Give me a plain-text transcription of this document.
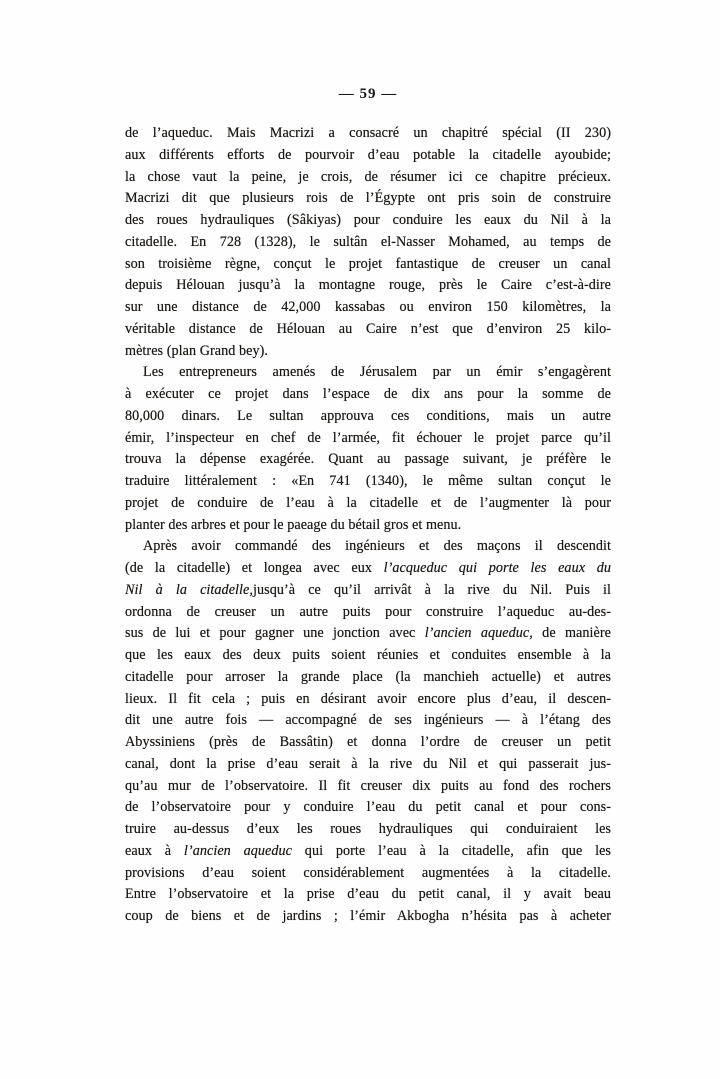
— 59 —
de l’aqueduc. Mais Macrizi a consacré un chapitré spécial (II 230)
aux différents efforts de pourvoir d’eau potable la citadelle ayoubide;
la chose vaut la peine, je crois, de résumer ici ce chapitre précieux.
Macrizi dit que plusieurs rois de l’Égypte ont pris soin de construire
des roues hydrauliques (Sâkiyas) pour conduire les eaux du Nil à la
citadelle. En 728 (1328), le sultân el-Nasser Mohamed, au temps de
son troisième règne, conçut le projet fantastique de creuser un canal
depuis Hélouan jusqu’à la montagne rouge, près le Caire c’est-à-dire
sur une distance de 42,000 kassabas ou environ 150 kilomètres, la
véritable distance de Hélouan au Caire n’est que d’environ 25 kilo-
mètres (plan Grand bey).
Les entrepreneurs amenés de Jérusalem par un émir s’engagèrent
à exécuter ce projet dans l’espace de dix ans pour la somme de
80,000 dinars. Le sultan approuva ces conditions, mais un autre
émir, l’inspecteur en chef de l’armée, fit échouer le projet parce qu’il
trouva la dépense exagérée. Quant au passage suivant, je préfère le
traduire littéralement : «En 741 (1340), le même sultan conçut le
projet de conduire de l’eau à la citadelle et de l’augmenter là pour
planter des arbres et pour le paeage du bétail gros et menu.
Après avoir commandé des ingénieurs et des maçons il descendit
(de la citadelle) et longea avec eux l’acqueduc qui porte les eaux du
Nil à la citadelle,jusqu’à ce qu’il arrivât à la rive du Nil. Puis il
ordonna de creuser un autre puits pour construire l’aqueduc au-des-
sus de lui et pour gagner une jonction avec l’ancien aqueduc, de manière
que les eaux des deux puits soient réunies et conduites ensemble à la
citadelle pour arroser la grande place (la manchieh actuelle) et autres
lieux. Il fit cela ; puis en désirant avoir encore plus d’eau, il descen-
dit une autre fois — accompagné de ses ingénieurs — à l’étang des
Abyssiniens (près de Bassâtin) et donna l’ordre de creuser un petit
canal, dont la prise d’eau serait à la rive du Nil et qui passerait jus-
qu’au mur de l’observatoire. Il fit creuser dix puits au fond des rochers
de l’observatoire pour y conduire l’eau du petit canal et pour cons-
truire au-dessus d’eux les roues hydrauliques qui conduiraient les
eaux à l’ancien aqueduc qui porte l’eau à la citadelle, afin que les
provisions d’eau soient considérablement augmentées à la citadelle.
Entre l’observatoire et la prise d’eau du petit canal, il y avait beau
coup de biens et de jardins ; l’émir Akbogha n’hésita pas à acheter
